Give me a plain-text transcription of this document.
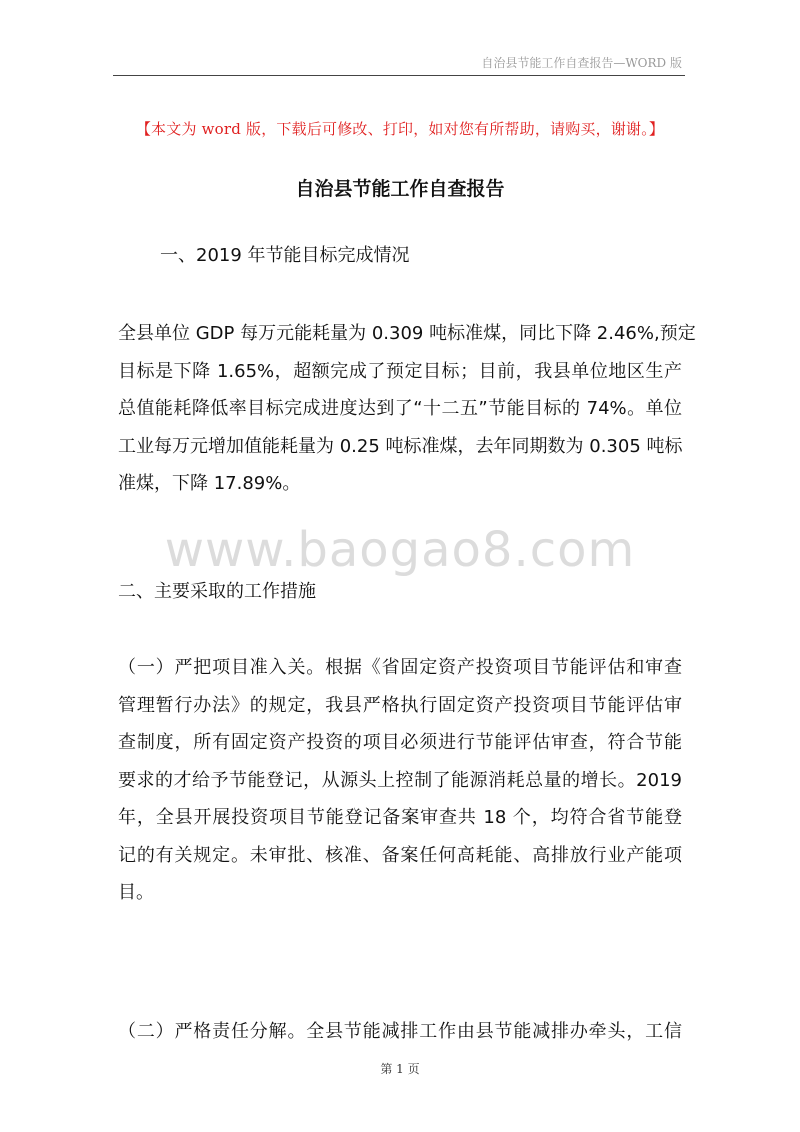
自治县节能工作自查报告—WORD 版
【本文为 word 版，下载后可修改、打印，如对您有所帮助，请购买，谢谢。】
自治县节能工作自查报告
一、2019 年节能目标完成情况
全县单位 GDP 每万元能耗量为 0.309 吨标准煤，同比下降 2.46%,预定
目标是下降 1.65%，超额完成了预定目标；目前，我县单位地区生产
总值能耗降低率目标完成进度达到了“十二五”节能目标的 74%。单位
工业每万元增加值能耗量为 0.25 吨标准煤，去年同期数为 0.305 吨标
准煤，下降 17.89%。
www.baogao8.com
二、主要采取的工作措施
（一）严把项目准入关。根据《省固定资产投资项目节能评估和审查
管理暂行办法》的规定，我县严格执行固定资产投资项目节能评估审
查制度，所有固定资产投资的项目必须进行节能评估审查，符合节能
要求的才给予节能登记，从源头上控制了能源消耗总量的增长。2019
年，全县开展投资项目节能登记备案审查共 18 个，均符合省节能登
记的有关规定。未审批、核准、备案任何高耗能、高排放行业产能项
目。
（二）严格责任分解。全县节能减排工作由县节能减排办牵头，工信
第 1 页
